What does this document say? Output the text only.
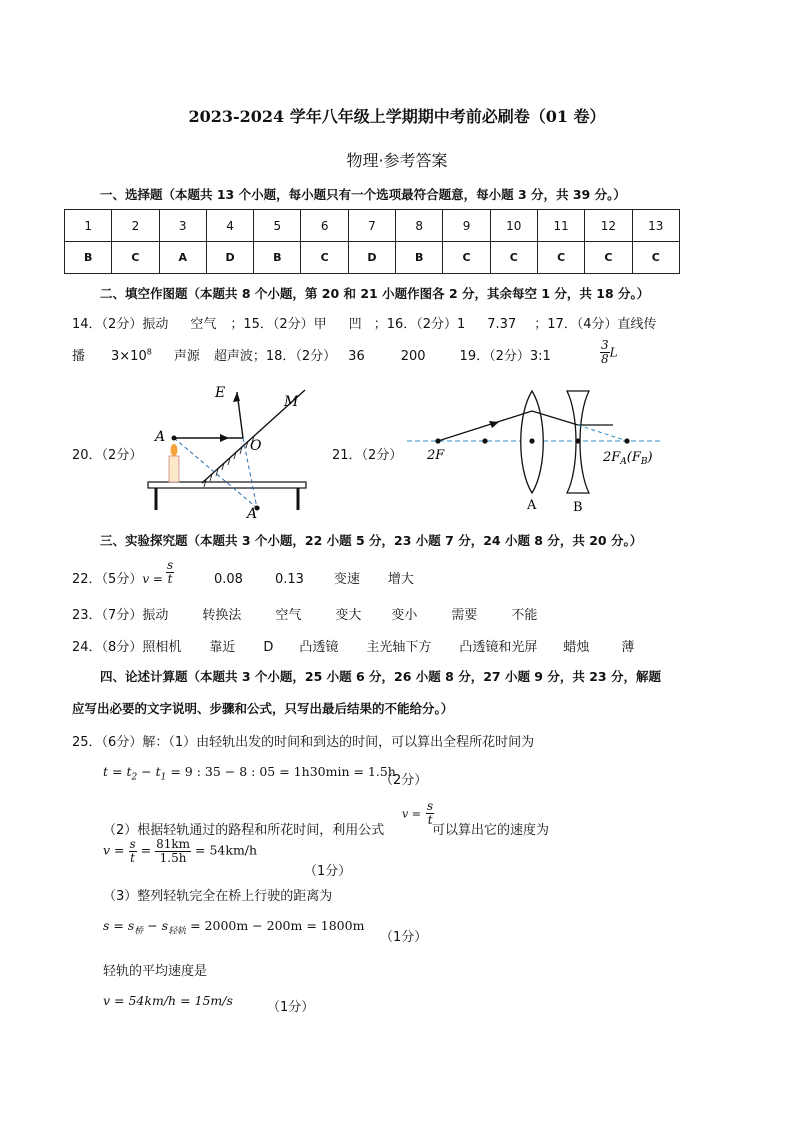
2023-2024 学年八年级上学期期中考前必刷卷（01 卷）
物理·参考答案
一、选择题（本题共 13 个小题，每小题只有一个选项最符合题意，每小题 3 分，共 39 分。）
1	2	3	4	5	6	7	8	9	10	11	12	13
B	C	A	D	B	C	D	B	C	C	C	C	C
二、填空作图题（本题共 8 个小题，第 20 和 21 小题作图各 2 分，其余每空 1 分，共 18 分。）
14．（2分）振动 空气 ；15．（2分）甲 凹 ；16．（2分）1 7.37 ；17．（4分）直线传
播 $3\times 10^8$ 声源 超声波；18．（2分） 36	200	19．（2分）3:1	$\frac{3}{8}$ L
20．（2分）
E
M
A
O
A′
21．（2分） 2F	$2F_A(F_B)$
A	B
三、实验探究题（本题共 3 个小题，22 小题 5 分，23 小题 7 分，24 小题 8 分，共 20 分。）
22．（5分）$v = \frac{s}{t}$	0.08 0.13 变速 增大
23．（7分）振动	转换法	空气	变大 变小	需要	不能
24．（8分）照相机 靠近 D 凸透镜 主光轴下方 凸透镜和光屏 蜡烛 薄
四、论述计算题（本题共 3 个小题，25 小题 6 分，26 小题 8 分，27 小题 9 分，共 23 分，解题
应写出必要的文字说明、步骤和公式，只写出最后结果的不能给分。）
25．（6分）解：（1）由轻轨出发的时间和到达的时间，可以算出全程所花时间为
$t = t_2 - t_1 = 9$ : 35 − 8 : 05 = 1h30min = 1.5h
（2分）
（2）根据轻轨通过的路程和所花时间，利用公式
$v = \frac{s}{t}$
可以算出它的速度为
$v = \frac{s}{t} = \frac{81km}{1.5h} = 54km/h$
（1分）
（3）整列轻轨完全在桥上行驶的距离为
$s = s_桥 - s_{轻轨} = 2000m - 200m = 1800m$
（1分）
轻轨的平均速度是
v = 54km/h = 15m/s	（1分）
